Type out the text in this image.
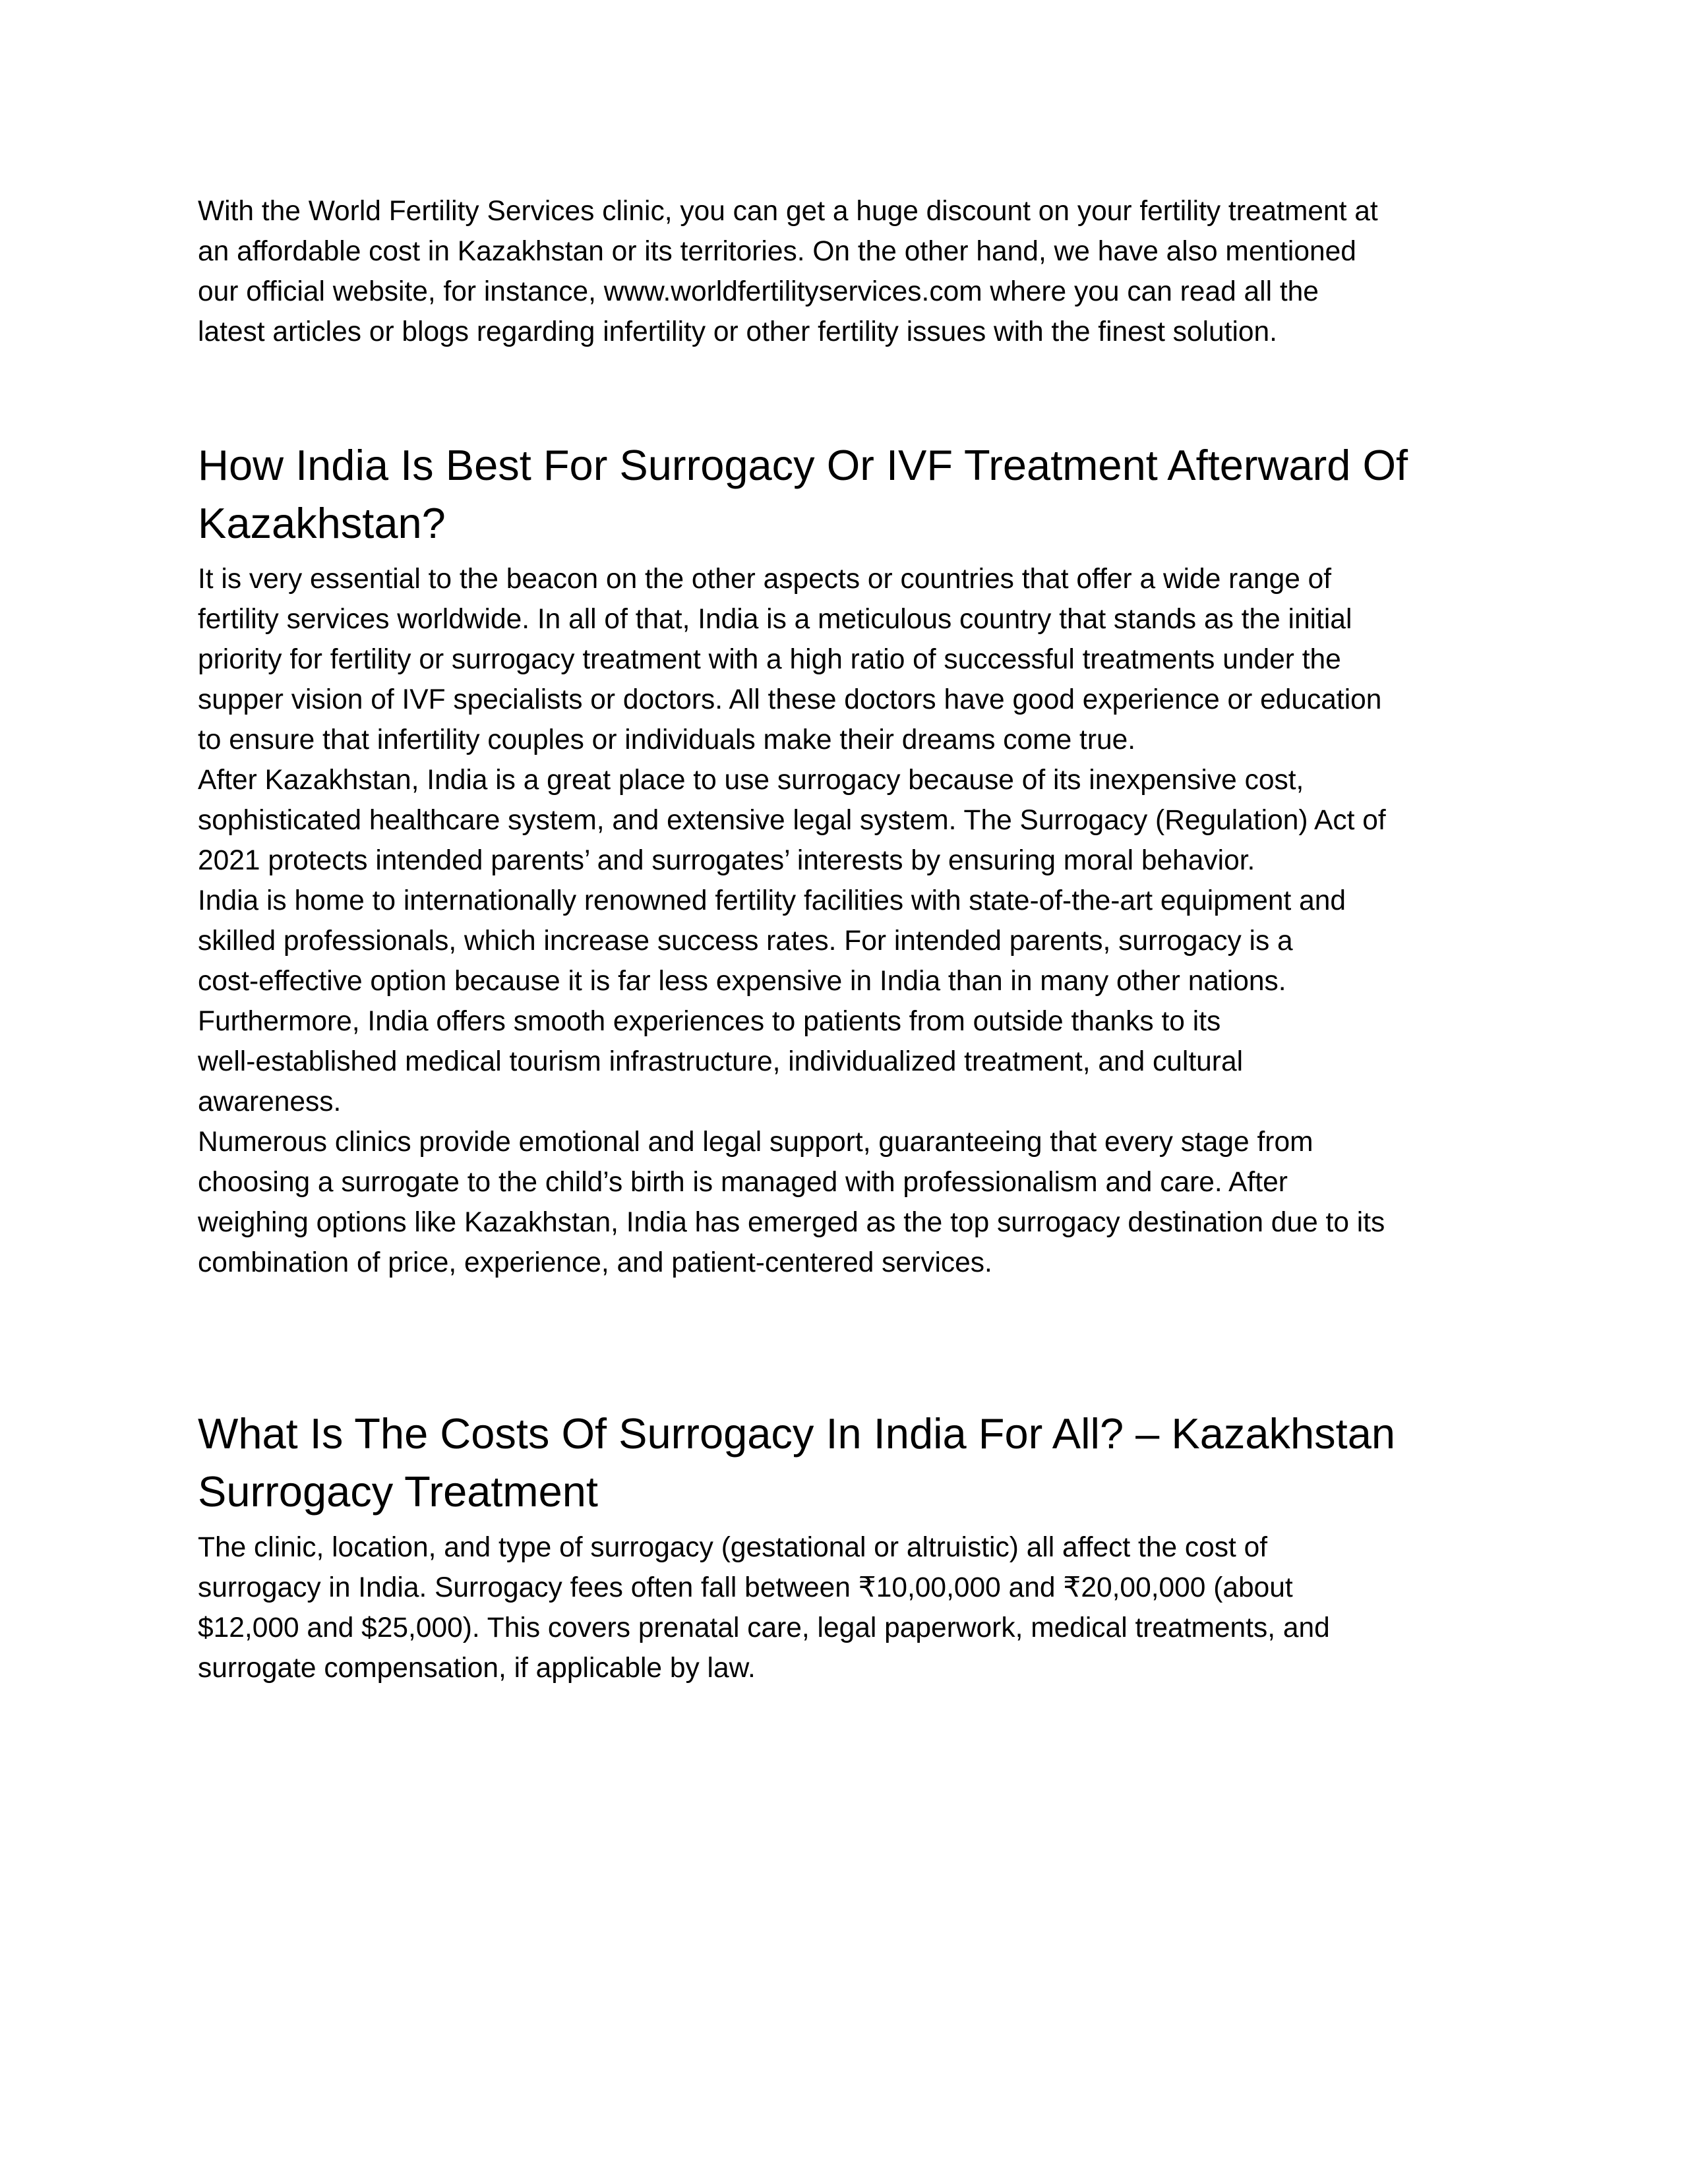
With the World Fertility Services clinic, you can get a huge discount on your fertility treatment at
an affordable cost in Kazakhstan or its territories. On the other hand, we have also mentioned
our official website, for instance, www.worldfertilityservices.com where you can read all the
latest articles or blogs regarding infertility or other fertility issues with the finest solution.

How India Is Best For Surrogacy Or IVF Treatment Afterward Of
Kazakhstan?

It is very essential to the beacon on the other aspects or countries that offer a wide range of
fertility services worldwide. In all of that, India is a meticulous country that stands as the initial
priority for fertility or surrogacy treatment with a high ratio of successful treatments under the
supper vision of IVF specialists or doctors. All these doctors have good experience or education
to ensure that infertility couples or individuals make their dreams come true.

After Kazakhstan, India is a great place to use surrogacy because of its inexpensive cost,
sophisticated healthcare system, and extensive legal system. The Surrogacy (Regulation) Act of
2021 protects intended parents’ and surrogates’ interests by ensuring moral behavior.

India is home to internationally renowned fertility facilities with state-of-the-art equipment and
skilled professionals, which increase success rates. For intended parents, surrogacy is a
cost-effective option because it is far less expensive in India than in many other nations.

Furthermore, India offers smooth experiences to patients from outside thanks to its
well-established medical tourism infrastructure, individualized treatment, and cultural
awareness.

Numerous clinics provide emotional and legal support, guaranteeing that every stage from
choosing a surrogate to the child’s birth is managed with professionalism and care. After
weighing options like Kazakhstan, India has emerged as the top surrogacy destination due to its
combination of price, experience, and patient-centered services.

What Is The Costs Of Surrogacy In India For All? – Kazakhstan
Surrogacy Treatment

The clinic, location, and type of surrogacy (gestational or altruistic) all affect the cost of
surrogacy in India. Surrogacy fees often fall between ₹10,00,000 and ₹20,00,000 (about
$12,000 and $25,000). This covers prenatal care, legal paperwork, medical treatments, and
surrogate compensation, if applicable by law.
